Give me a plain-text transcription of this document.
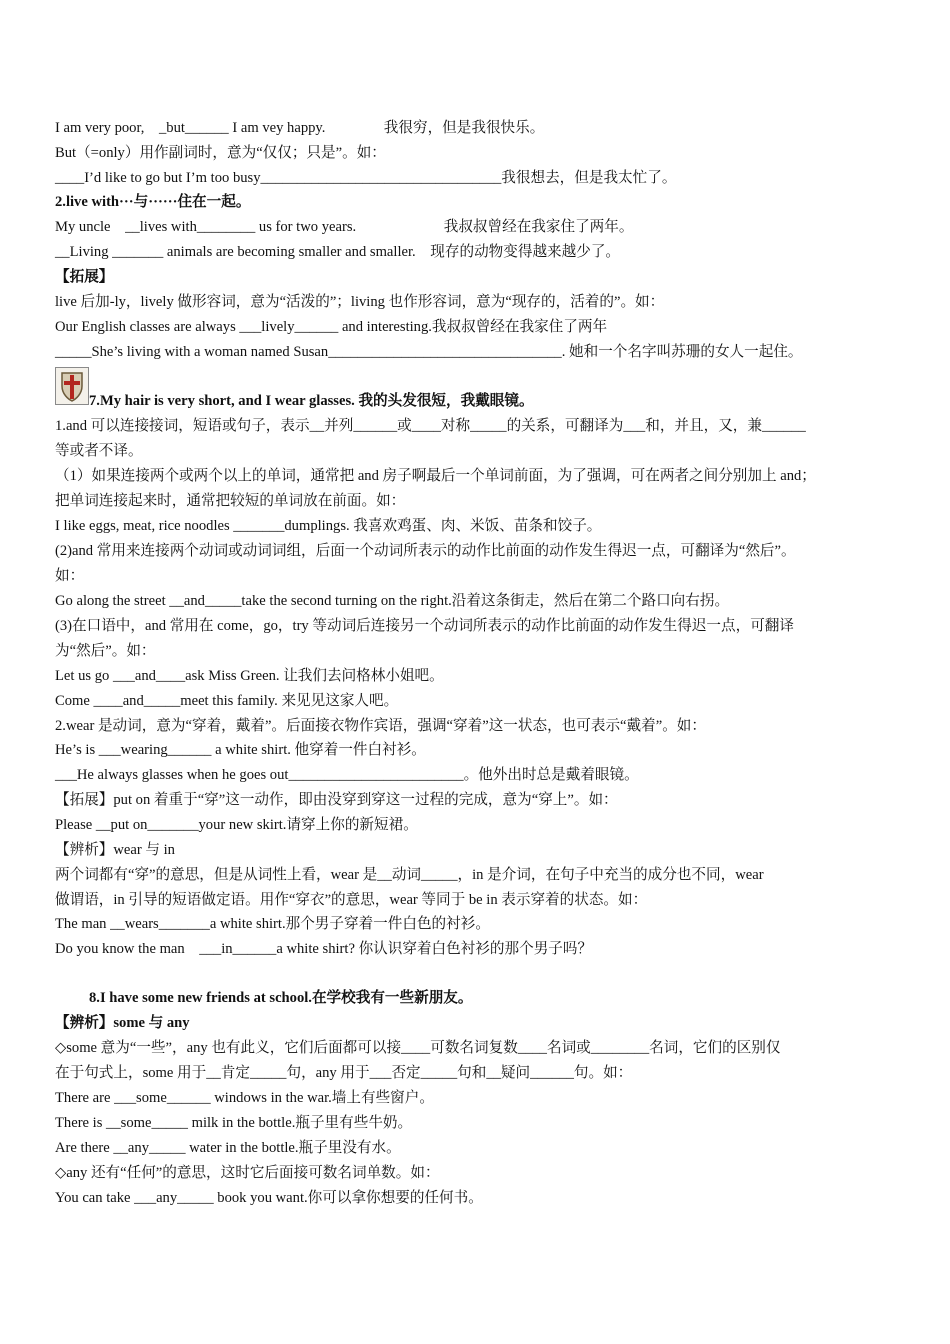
I am very poor,　_but______ I am vey happy.　　　　我很穷，但是我很快乐。
But（=only）用作副词时，意为“仅仅；只是”。如：
____I’d like to go but I’m too busy_________________________________我很想去，但是我太忙了。
2.live with···与······住在一起。
My uncle　__lives with________ us for two years.　　　　　　我叔叔曾经在我家住了两年。
__Living _______ animals are becoming smaller and smaller.　现存的动物变得越来越少了。
【拓展】
live 后加-ly，lively 做形容词，意为“活泼的”；living 也作形容词，意为“现存的，活着的”。如：
Our English classes are always ___lively______ and interesting.我叔叔曾经在我家住了两年
_____She’s living with a woman named Susan________________________________. 她和一个名字叫苏珊的女人一起住。
7.My hair is very short, and I wear glasses. 我的头发很短，我戴眼镜。
1.and 可以连接接词，短语或句子，表示__并列______或____对称_____的关系，可翻译为___和，并且，又，兼______
等或者不译。
（1）如果连接两个或两个以上的单词，通常把 and 房子啊最后一个单词前面，为了强调，可在两者之间分别加上 and；
把单词连接起来时，通常把较短的单词放在前面。如：
I like eggs, meat, rice noodles _______dumplings. 我喜欢鸡蛋、肉、米饭、苗条和饺子。
(2)and 常用来连接两个动词或动词词组，后面一个动词所表示的动作比前面的动作发生得迟一点，可翻译为“然后”。
如：
Go along the street __and_____take the second turning on the right.沿着这条街走，然后在第二个路口向右拐。
(3)在口语中，and 常用在 come，go，try 等动词后连接另一个动词所表示的动作比前面的动作发生得迟一点，可翻译
为“然后”。如：
Let us go ___and____ask Miss Green. 让我们去问格林小姐吧。
Come ____and_____meet this family. 来见见这家人吧。
2.wear 是动词，意为“穿着，戴着”。后面接衣物作宾语，强调“穿着”这一状态，也可表示“戴着”。如：
He’s is ___wearing______ a white shirt. 他穿着一件白衬衫。
___He always glasses when he goes out________________________。他外出时总是戴着眼镜。
【拓展】put on 着重于“穿”这一动作，即由没穿到穿这一过程的完成，意为“穿上”。如：
Please __put on_______your new skirt.请穿上你的新短裙。
【辨析】wear 与 in
两个词都有“穿”的意思，但是从词性上看，wear 是__动词_____，in 是介词，在句子中充当的成分也不同，wear
做谓语，in 引导的短语做定语。用作“穿衣”的意思，wear 等同于 be in 表示穿着的状态。如：
The man __wears_______a white shirt.那个男子穿着一件白色的衬衫。
Do you know the man　___in______a white shirt? 你认识穿着白色衬衫的那个男子吗？
8.I have some new friends at school.在学校我有一些新朋友。
【辨析】some 与 any
◇some 意为“一些”，any 也有此义，它们后面都可以接____可数名词复数____名词或________名词，它们的区别仅
在于句式上，some 用于__肯定_____句，any 用于___否定_____句和__疑问______句。如：
There are ___some______ windows in the war.墙上有些窗户。
There is __some_____ milk in the bottle.瓶子里有些牛奶。
Are there __any_____ water in the bottle.瓶子里没有水。
◇any 还有“任何”的意思，这时它后面接可数名词单数。如：
You can take ___any_____ book you want.你可以拿你想要的任何书。
